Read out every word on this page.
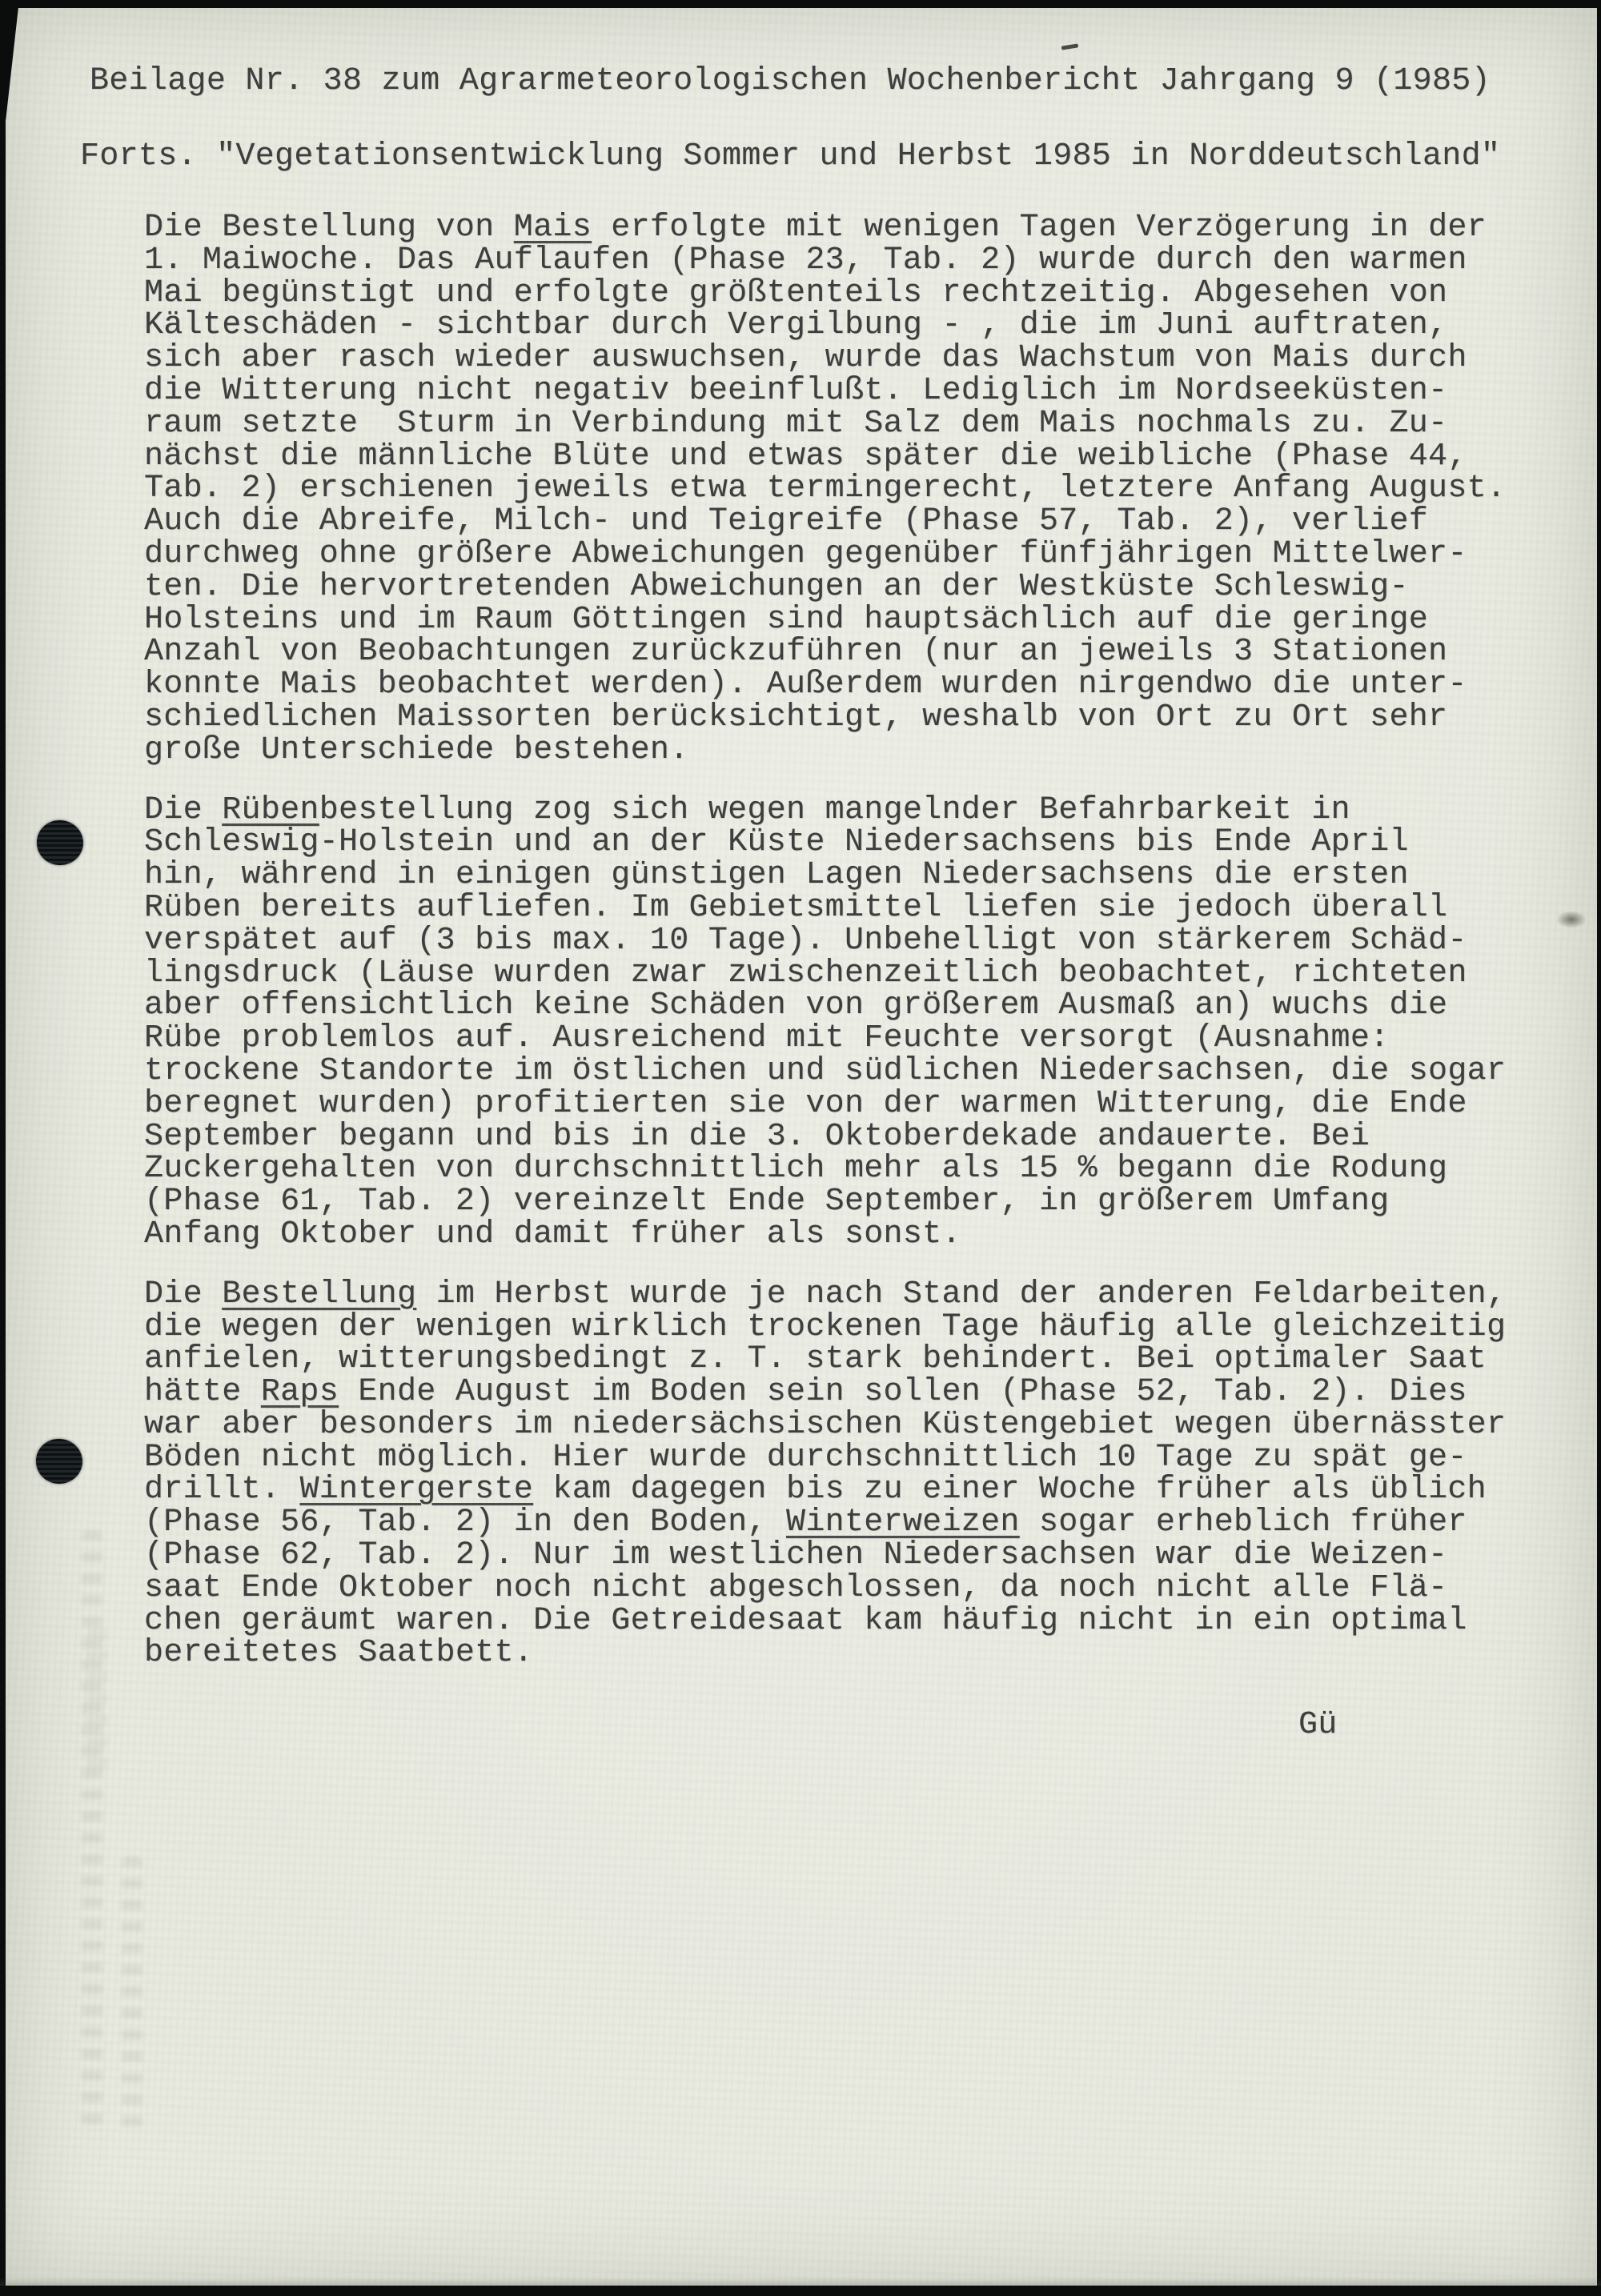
Beilage Nr. 38 zum Agrarmeteorologischen Wochenbericht Jahrgang 9 (1985)
Forts. "Vegetationsentwicklung Sommer und Herbst 1985 in Norddeutschland"
Die Bestellung von Mais erfolgte mit wenigen Tagen Verzögerung in der
1. Maiwoche. Das Auflaufen (Phase 23, Tab. 2) wurde durch den warmen
Mai begünstigt und erfolgte größtenteils rechtzeitig. Abgesehen von
Kälteschäden - sichtbar durch Vergilbung - , die im Juni auftraten,
sich aber rasch wieder auswuchsen, wurde das Wachstum von Mais durch
die Witterung nicht negativ beeinflußt. Lediglich im Nordseeküsten-
raum setzte  Sturm in Verbindung mit Salz dem Mais nochmals zu. Zu-
nächst die männliche Blüte und etwas später die weibliche (Phase 44,
Tab. 2) erschienen jeweils etwa termingerecht, letztere Anfang August.
Auch die Abreife, Milch- und Teigreife (Phase 57, Tab. 2), verlief
durchweg ohne größere Abweichungen gegenüber fünfjährigen Mittelwer-
ten. Die hervortretenden Abweichungen an der Westküste Schleswig-
Holsteins und im Raum Göttingen sind hauptsächlich auf die geringe
Anzahl von Beobachtungen zurückzuführen (nur an jeweils 3 Stationen
konnte Mais beobachtet werden). Außerdem wurden nirgendwo die unter-
schiedlichen Maissorten berücksichtigt, weshalb von Ort zu Ort sehr
große Unterschiede bestehen.
Die Rübenbestellung zog sich wegen mangelnder Befahrbarkeit in
Schleswig-Holstein und an der Küste Niedersachsens bis Ende April
hin, während in einigen günstigen Lagen Niedersachsens die ersten
Rüben bereits aufliefen. Im Gebietsmittel liefen sie jedoch überall
verspätet auf (3 bis max. 10 Tage). Unbehelligt von stärkerem Schäd-
lingsdruck (Läuse wurden zwar zwischenzeitlich beobachtet, richteten
aber offensichtlich keine Schäden von größerem Ausmaß an) wuchs die
Rübe problemlos auf. Ausreichend mit Feuchte versorgt (Ausnahme:
trockene Standorte im östlichen und südlichen Niedersachsen, die sogar
beregnet wurden) profitierten sie von der warmen Witterung, die Ende
September begann und bis in die 3. Oktoberdekade andauerte. Bei
Zuckergehalten von durchschnittlich mehr als 15 % begann die Rodung
(Phase 61, Tab. 2) vereinzelt Ende September, in größerem Umfang
Anfang Oktober und damit früher als sonst.
Die Bestellung im Herbst wurde je nach Stand der anderen Feldarbeiten,
die wegen der wenigen wirklich trockenen Tage häufig alle gleichzeitig
anfielen, witterungsbedingt z. T. stark behindert. Bei optimaler Saat
hätte Raps Ende August im Boden sein sollen (Phase 52, Tab. 2). Dies
war aber besonders im niedersächsischen Küstengebiet wegen übernässter
Böden nicht möglich. Hier wurde durchschnittlich 10 Tage zu spät ge-
drillt. Wintergerste kam dagegen bis zu einer Woche früher als üblich
(Phase 56, Tab. 2) in den Boden, Winterweizen sogar erheblich früher
(Phase 62, Tab. 2). Nur im westlichen Niedersachsen war die Weizen-
saat Ende Oktober noch nicht abgeschlossen, da noch nicht alle Flä-
chen geräumt waren. Die Getreidesaat kam häufig nicht in ein optimal
bereitetes Saatbett.
Gü
